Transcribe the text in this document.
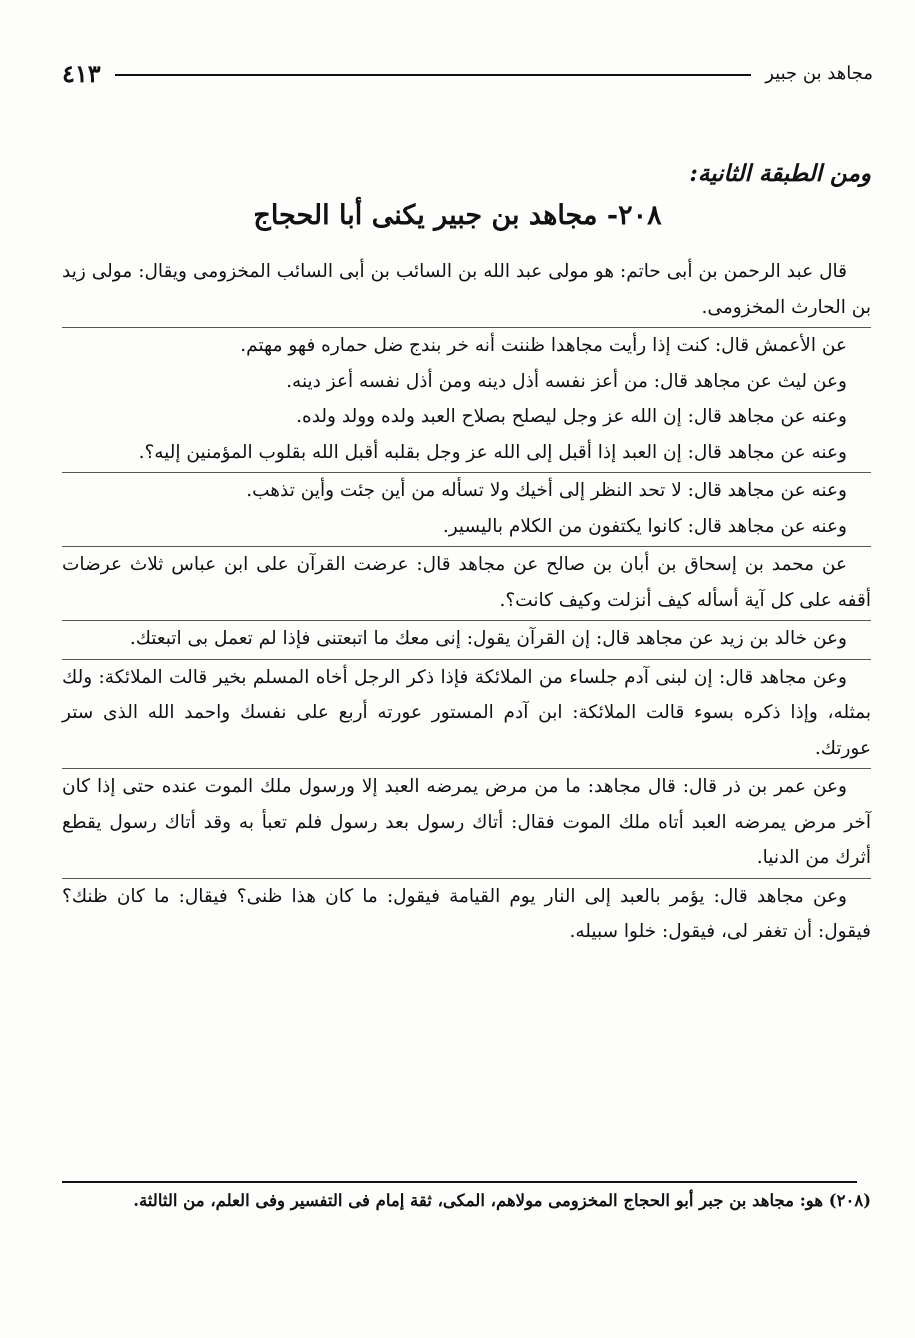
مجاهد بن جبير
٤١٣
ومن الطبقة الثانية:
٢٠٨- مجاهد بن جبير يكنى أبا الحجاج

قال عبد الرحمن بن أبى حاتم: هو مولى عبد الله بن السائب بن أبى السائب المخزومى ويقال: مولى زيد بن الحارث المخزومى.

عن الأعمش قال: كنت إذا رأيت مجاهدا ظننت أنه خر بندج ضل حماره فهو مهتم.

وعن ليث عن مجاهد قال: من أعز نفسه أذل دينه ومن أذل نفسه أعز دينه.

وعنه عن مجاهد قال: إن الله عز وجل ليصلح بصلاح العبد ولده وولد ولده.

وعنه عن مجاهد قال: إن العبد إذا أقبل إلى الله عز وجل بقلبه أقبل الله بقلوب المؤمنين إليه؟.

وعنه عن مجاهد قال: لا تحد النظر إلى أخيك ولا تسأله من أين جئت وأين تذهب.

وعنه عن مجاهد قال: كانوا يكتفون من الكلام باليسير.

عن محمد بن إسحاق بن أبان بن صالح عن مجاهد قال: عرضت القرآن على ابن عباس ثلاث عرضات أقفه على كل آية أسأله كيف أنزلت وكيف كانت؟.

وعن خالد بن زيد عن مجاهد قال: إن القرآن يقول: إنى معك ما اتبعتنى فإذا لم تعمل بى اتبعتك.

وعن مجاهد قال: إن لبنى آدم جلساء من الملائكة فإذا ذكر الرجل أخاه المسلم بخير قالت الملائكة: ولك بمثله، وإذا ذكره بسوء قالت الملائكة: ابن آدم المستور عورته أربع على نفسك واحمد الله الذى ستر عورتك.

وعن عمر بن ذر قال: قال مجاهد: ما من مرض يمرضه العبد إلا ورسول ملك الموت عنده حتى إذا كان آخر مرض يمرضه العبد أتاه ملك الموت فقال: أتاك رسول بعد رسول فلم تعبأ به وقد أتاك رسول يقطع أثرك من الدنيا.

وعن مجاهد قال: يؤمر بالعبد إلى النار يوم القيامة فيقول: ما كان هذا ظنى؟ فيقال: ما كان ظنك؟ فيقول: أن تغفر لى، فيقول: خلوا سبيله.

(٢٠٨) هو: مجاهد بن جبر أبو الحجاج المخزومى مولاهم، المكى، ثقة إمام فى التفسير وفى العلم، من الثالثة.
